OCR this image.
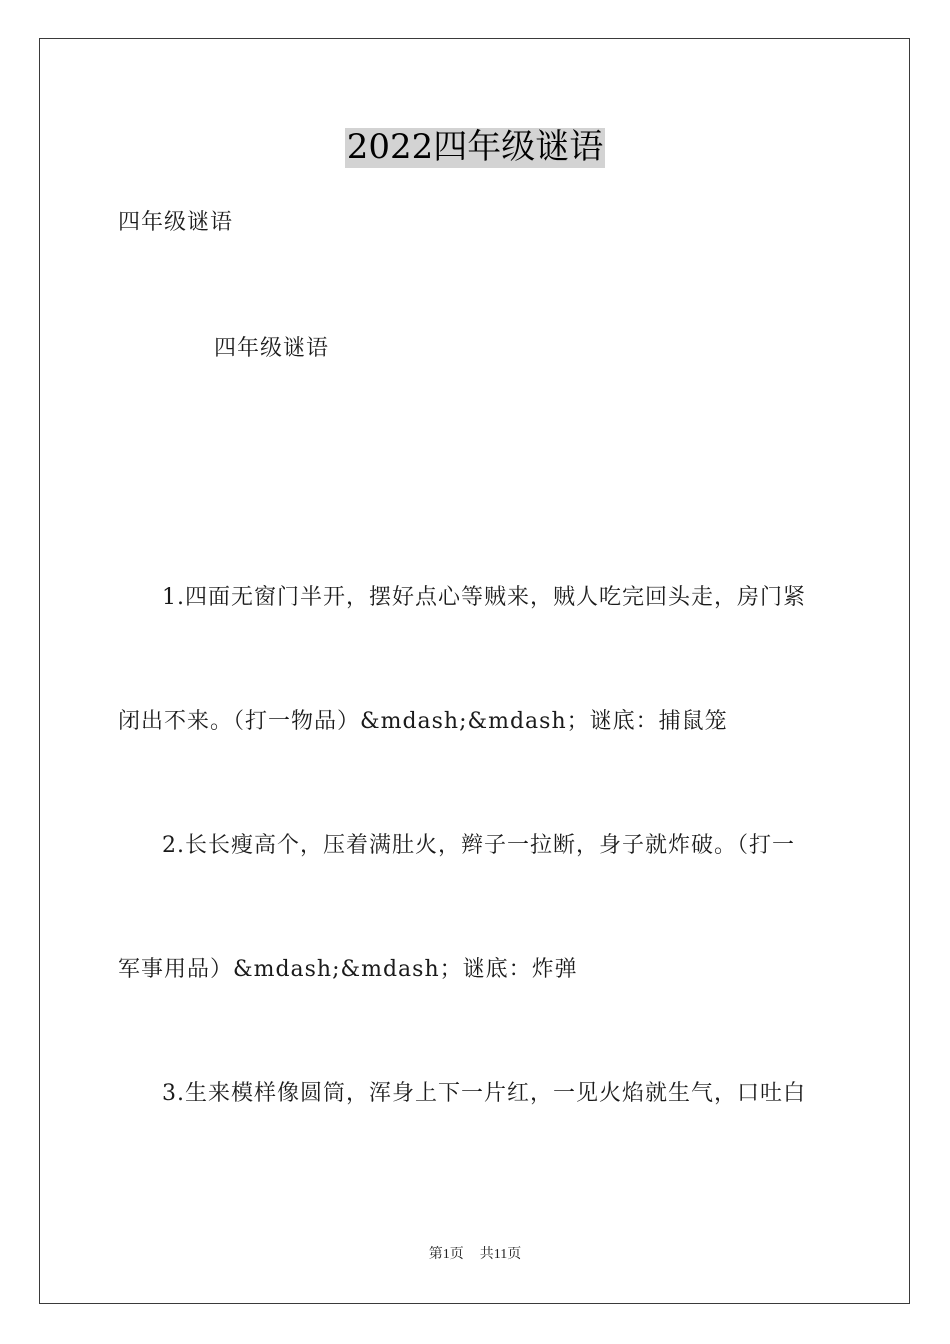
2022四年级谜语
四年级谜语
四年级谜语
1.四面无窗门半开，摆好点心等贼来，贼人吃完回头走，房门紧
闭出不来。（打一物品）&mdash;&mdash；谜底：捕鼠笼
2.长长瘦高个，压着满肚火，辫子一拉断，身子就炸破。（打一
军事用品）&mdash;&mdash；谜底：炸弹
3.生来模样像圆筒，浑身上下一片红，一见火焰就生气，口吐白
第1页 共11页
